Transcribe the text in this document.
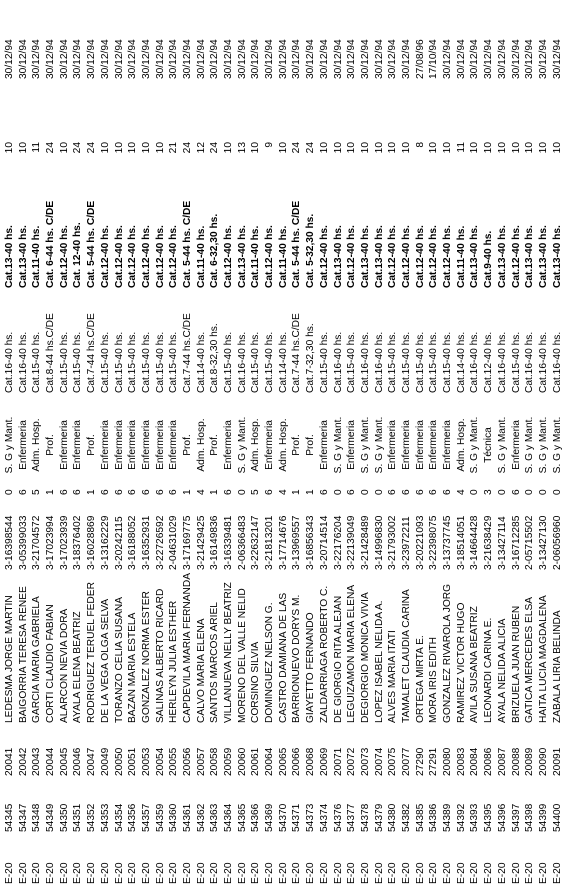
E-20
54345
20041
LEDESMA JORGE MARTIN
3-16398544
0
S. G y Mant.
Cat.16-40 hs.
Cat.13-40 hs.
10
30/12/94
E-20
54347
20042
BAIGORRIA TERESA RENEE
3-05399033
6
Enfermeria
Cat.16-40 hs.
Cat.13-40 hs.
10
30/12/94
E-20
54348
20043
GARCIA MARIA GABRIELA
3-21704572
5
Adm. Hosp.
Cat.15-40 hs.
Cat.11-40 hs.
11
30/12/94
E-20
54349
20044
CORTI CLAUDIO FABIAN
3-17023994
1
Prof.
Cat.8-44 hs.C/DE
Cat. 6-44 hs. C/DE
24
30/12/94
E-20
54350
20045
ALARCON NEVIA DORA
3-17023939
6
Enfermeria
Cat.15-40 hs.
Cat.12-40 hs.
10
30/12/94
E-20
54351
20046
AYALA ELENA BEATRIZ
3-18376402
6
Enfermeria
Cat.15-40 hs.
Cat. 12-40 hs.
24
30/12/94
E-20
54352
20047
RODRIGUEZ TERUEL FEDER
3-16028869
1
Prof.
Cat.7-44 hs.C/DE
Cat. 5-44 hs. C/DE
24
30/12/94
E-20
54353
20049
DE LA VEGA OLGA SELVA
3-13162229
6
Enfermeria
Cat.15-40 hs.
Cat.12-40 hs.
10
30/12/94
E-20
54354
20050
TORANZO CELIA SUSANA
3-20242115
6
Enfermeria
Cat.15-40 hs.
Cat.12-40 hs.
10
30/12/94
E-20
54356
20051
BAZAN MARIA ESTELA
3-16188052
6
Enfermeria
Cat.15-40 hs.
Cat.12-40 hs.
10
30/12/94
E-20
54357
20053
GONZALEZ NORMA ESTER
3-16352931
6
Enfermeria
Cat.15-40 hs.
Cat.12-40 hs.
10
30/12/94
E-20
54359
20054
SALINAS ALBERTO RICARD
3-22726592
6
Enfermeria
Cat.15-40 hs.
Cat.12-40 hs.
10
30/12/94
E-20
54360
20055
HERLEYN JULIA ESTHER
2-04631029
6
Enfermeria
Cat.15-40 hs.
Cat.12-40 hs.
21
30/12/94
E-20
54361
20056
CAPDEVILA MARIA FERNANDA
3-17169775
1
Prof.
Cat.7-44 hs.C/DE
Cat. 5-44 hs. C/DE
24
30/12/94
E-20
54362
20057
CALVO MARIA ELENA
3-21429425
4
Adm. Hosp.
Cat.14-40 hs.
Cat.11-40 hs.
12
30/12/94
E-20
54363
20058
SANTOS MARCOS ARIEL
3-16149836
1
Prof.
Cat.8-32,30 hs.
Cat. 6-32,30 hs.
24
30/12/94
E-20
54364
20059
VILLANUEVA NELLY BEATRIZ
3-16339481
6
Enfermeria
Cat.15-40 hs.
Cat.12-40 hs.
10
30/12/94
E-20
54365
20060
MORENO DEL VALLE NELID
2-06366483
0
S. G y Mant.
Cat.16-40 hs.
Cat.13-40 hs.
13
30/12/94
E-20
54366
20061
CORSINO SILVIA
3-22632147
5
Adm. Hosp.
Cat.15-40 hs.
Cat.11-40 hs.
10
30/12/94
E-20
54369
20064
DOMINGUEZ NELSON G.
3-21813201
6
Enfermeria
Cat.15-40 hs.
Cat.12-40 hs.
9
30/12/94
E-20
54370
20065
CASTRO DAMIANA DE LAS
3-17714676
4
Adm. Hosp.
Cat.14-40 hs.
Cat.11-40 hs.
10
30/12/94
E-20
54371
20066
BARRIONUEVO DORYS M.
3-13969557
1
Prof.
Cat.7-44 hs.C/DE
Cat. 5-44 hs. C/DE
24
30/12/94
E-20
54373
20068
GIAYETTO FERNANDO
3-16856343
1
Prof.
Cat.7-32,30 hs.
Cat. 5-32,30 hs.
24
30/12/94
E-20
54374
20069
ZALDARRIAGA ROBERTO C.
3-20714514
6
Enfermeria
Cat.15-40 hs.
Cat.12-40 hs.
10
30/12/94
E-20
54376
20071
DE GIORGIO RITA ALEJAN
3-22176204
0
S. G y Mant.
Cat.16-40 hs.
Cat.13-40 hs.
10
30/12/94
E-20
54377
20072
LEGUIZAMON MARIA ELENA
3-22139049
6
Enfermeria
Cat.15-40 hs.
Cat.12-40 hs.
10
30/12/94
E-20
54378
20073
DEGIORGIO MONICA VIVIA
3-21428489
0
S. G y Mant.
Cat.16-40 hs.
Cat.13-40 hs.
10
30/12/94
E-20
54379
20074
LOPEZ ISABEL NELIDA A.
3-14996830
0
S. G y Mant.
Cat.16-40 hs.
Cat.13-40 hs.
10
30/12/94
E-20
54380
20075
ALVES MARIA ITATI
3-21793002
6
Enfermeria
Cat.15-40 hs.
Cat.12-40 hs.
10
30/12/94
E-20
54382
20077
TAMALET CLAUDIA CARINA
3-23972211
6
Enfermeria
Cat.15-40 hs.
Cat.12-40 hs.
10
30/12/94
E-20
54385
27290
ORTEGA MIRTA E.
3-20221093
6
Enfermeria
Cat.15-40 hs.
Cat.12-40 hs.
8
27/08/96
E-20
54386
27291
MORA IRIS EDITH
3-22398075
6
Enfermeria
Cat.15-40 hs.
Cat.12-40 hs.
10
17/10/94
E-20
54389
20080
GONZALEZ RIVAROLA JORG
3-13737745
6
Enfermeria
Cat.15-40 hs.
Cat.12-40 hs.
10
30/12/94
E-20
54392
20083
RAMIREZ VICTOR HUGO
3-18514051
4
Adm. Hosp.
Cat.14-40 hs.
Cat.11-40 hs.
11
30/12/94
E-20
54393
20084
AVILA SUSANA BEATRIZ
3-14664428
0
S. G y Mant.
Cat.16-40 hs.
Cat.13-40 hs.
10
30/12/94
E-20
54395
20086
LEONARDI CARINA E.
3-21638429
3
Técnica
Cat.12-40 hs.
Cat.9-40 hs.
10
30/12/94
E-20
54396
20087
AYALA NELIDA ALICIA
3-13427114
0
S. G y Mant.
Cat.16-40 hs.
Cat.13-40 hs.
10
30/12/94
E-20
54397
20088
BRIZUELA JUAN RUBEN
3-16712285
6
Enfermeria
Cat.15-40 hs.
Cat.12-40 hs.
10
30/12/94
E-20
54398
20089
GATICA MERCEDES ELSA
2-05715502
0
S. G y Mant.
Cat.16-40 hs.
Cat.13-40 hs.
10
30/12/94
E-20
54399
20090
HAITA LUCIA MAGDALENA
3-13427130
0
S. G y Mant.
Cat.16-40 hs.
Cat.13-40 hs.
10
30/12/94
E-20
54400
20091
ZABALA LIRIA BELINDA
2-06056960
0
S. G y Mant.
Cat.16-40 hs.
Cat.13-40 hs.
10
30/12/94
